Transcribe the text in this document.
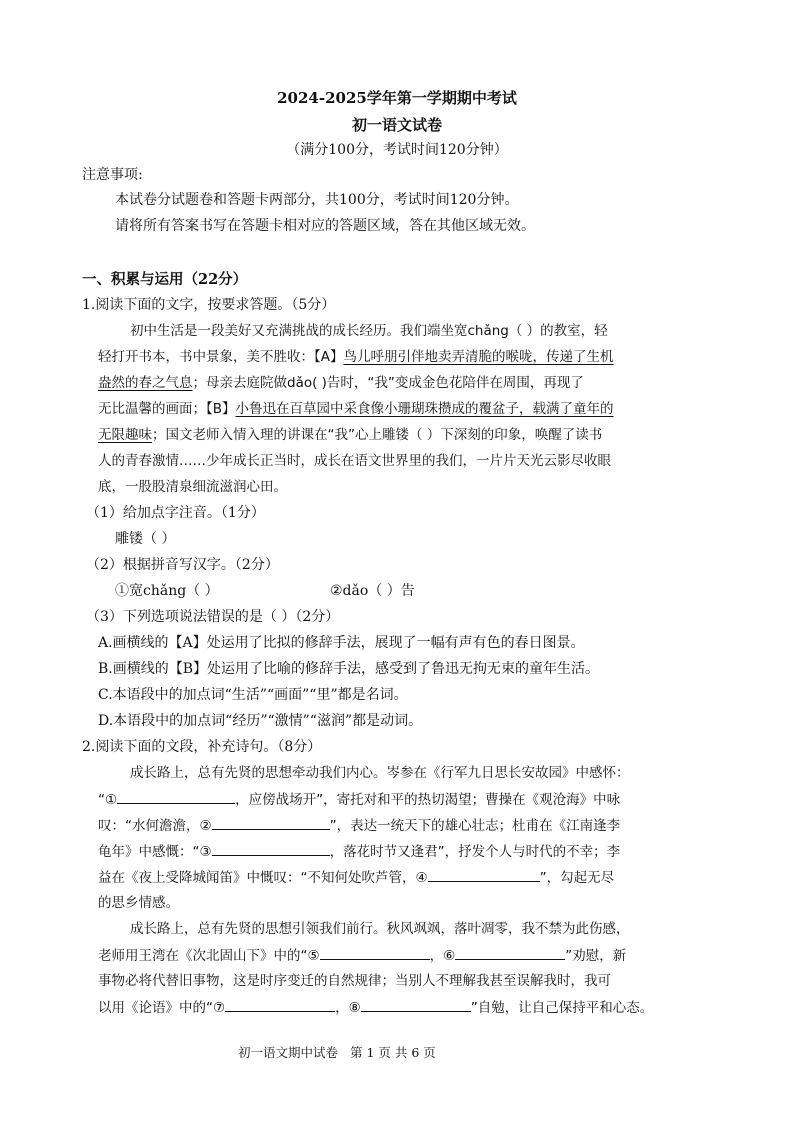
2024-2025学年第一学期期中考试
初一语文试卷
（满分100分，考试时间120分钟）
注意事项:
本试卷分试题卷和答题卡两部分，共100分，考试时间120分钟。
请将所有答案书写在答题卡相对应的答题区域，答在其他区域无效。
一、积累与运用（22分）
1.阅读下面的文字，按要求答题。（5分）
初中生活是一段美好又充满挑战的成长经历。我们端坐宽chǎng（ ）的教室，轻
轻打开书本，书中景象，美不胜收：【A】鸟儿呼朋引伴地卖弄清脆的喉咙，传递了生机
盎然的春之气息；母亲去庭院做dǎo( )告时，“我”变成金色花陪伴在周围，再现了
无比温馨的画面；【B】小鲁迅在百草园中采食像小珊瑚珠攒成的覆盆子，载满了童年的
无限趣味；国文老师入情入理的讲课在“我”心上雕镂（ ）下深刻的印象，唤醒了读书
人的青春激情……少年成长正当时，成长在语文世界里的我们，一片片天光云影尽收眼
底，一股股清泉细流滋润心田。
（1）给加点字注音。（1分）
雕镂（ ）
（2）根据拼音写汉字。（2分）
①宽chǎng（ ）	②dǎo（ ）告
（3）下列选项说法错误的是（ ）（2分）
A.画横线的【A】处运用了比拟的修辞手法，展现了一幅有声有色的春日图景。
B.画横线的【B】处运用了比喻的修辞手法，感受到了鲁迅无拘无束的童年生活。
C.本语段中的加点词“生活”“画面”“里”都是名词。
D.本语段中的加点词“经历”“激情”“滋润”都是动词。
2.阅读下面的文段，补充诗句。（8分）
成长路上，总有先贤的思想牵动我们内心。岑参在《行军九日思长安故园》中感怀：
“①	，应傍战场开”，寄托对和平的热切渴望；曹操在《观沧海》中咏
叹：“水何澹澹，②	”，表达一统天下的雄心壮志；杜甫在《江南逢李
龟年》中感慨：“③	，落花时节又逢君”，抒发个人与时代的不幸；李
益在《夜上受降城闻笛》中慨叹：“不知何处吹芦管，④	”，勾起无尽
的思乡情感。
成长路上，总有先贤的思想引领我们前行。秋风飒飒，落叶凋零，我不禁为此伤感，
老师用王湾在《次北固山下》中的“⑤	，⑥	”劝慰，新
事物必将代替旧事物，这是时序变迁的自然规律；当别人不理解我甚至误解我时，我可
以用《论语》中的“⑦	，⑧	”自勉，让自己保持平和心态。
初一语文期中试卷 第 1 页 共 6 页
